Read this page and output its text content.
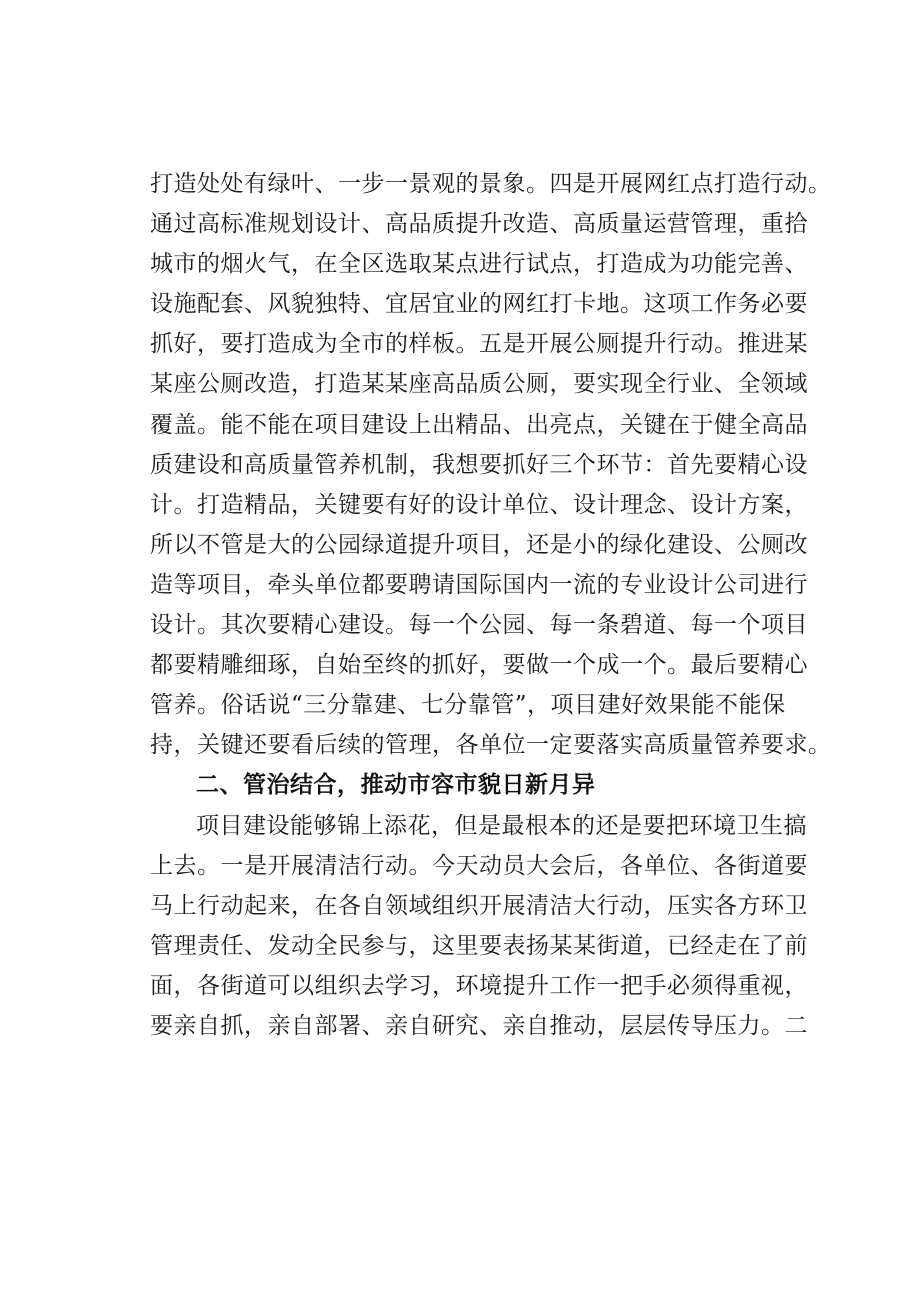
打造处处有绿叶、一步一景观的景象。四是开展网红点打造行动。
通过高标准规划设计、高品质提升改造、高质量运营管理，重拾
城市的烟火气，在全区选取某点进行试点，打造成为功能完善、
设施配套、风貌独特、宜居宜业的网红打卡地。这项工作务必要
抓好，要打造成为全市的样板。五是开展公厕提升行动。推进某
某座公厕改造，打造某某座高品质公厕，要实现全行业、全领域
覆盖。能不能在项目建设上出精品、出亮点，关键在于健全高品
质建设和高质量管养机制，我想要抓好三个环节：首先要精心设
计。打造精品，关键要有好的设计单位、设计理念、设计方案，
所以不管是大的公园绿道提升项目，还是小的绿化建设、公厕改
造等项目，牵头单位都要聘请国际国内一流的专业设计公司进行
设计。其次要精心建设。每一个公园、每一条碧道、每一个项目
都要精雕细琢，自始至终的抓好，要做一个成一个。最后要精心
管养。俗话说“三分靠建、七分靠管”，项目建好效果能不能保
持，关键还要看后续的管理，各单位一定要落实高质量管养要求。
二、管治结合，推动市容市貌日新月异
项目建设能够锦上添花，但是最根本的还是要把环境卫生搞
上去。一是开展清洁行动。今天动员大会后，各单位、各街道要
马上行动起来，在各自领域组织开展清洁大行动，压实各方环卫
管理责任、发动全民参与，这里要表扬某某街道，已经走在了前
面，各街道可以组织去学习，环境提升工作一把手必须得重视，
要亲自抓，亲自部署、亲自研究、亲自推动，层层传导压力。二
